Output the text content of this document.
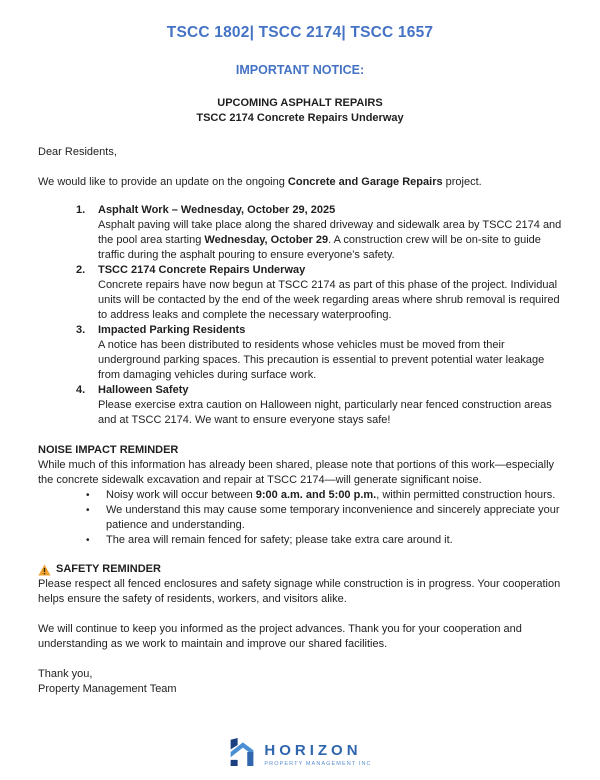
TSCC 1802| TSCC 2174| TSCC 1657
IMPORTANT NOTICE:
UPCOMING ASPHALT REPAIRS
TSCC 2174 Concrete Repairs Underway
Dear Residents,
We would like to provide an update on the ongoing Concrete and Garage Repairs project.
1.	Asphalt Work – Wednesday, October 29, 2025
Asphalt paving will take place along the shared driveway and sidewalk area by TSCC 2174 and the pool area starting Wednesday, October 29. A construction crew will be on-site to guide traffic during the asphalt pouring to ensure everyone’s safety.
2.	TSCC 2174 Concrete Repairs Underway
Concrete repairs have now begun at TSCC 2174 as part of this phase of the project. Individual units will be contacted by the end of the week regarding areas where shrub removal is required to address leaks and complete the necessary waterproofing.
3.	Impacted Parking Residents
A notice has been distributed to residents whose vehicles must be moved from their underground parking spaces. This precaution is essential to prevent potential water leakage from damaging vehicles during surface work.
4.	Halloween Safety
Please exercise extra caution on Halloween night, particularly near fenced construction areas and at TSCC 2174. We want to ensure everyone stays safe!
NOISE IMPACT REMINDER
While much of this information has already been shared, please note that portions of this work—especially the concrete sidewalk excavation and repair at TSCC 2174—will generate significant noise.
•	Noisy work will occur between 9:00 a.m. and 5:00 p.m., within permitted construction hours.
•	We understand this may cause some temporary inconvenience and sincerely appreciate your patience and understanding.
•	The area will remain fenced for safety; please take extra care around it.
SAFETY REMINDER
Please respect all fenced enclosures and safety signage while construction is in progress. Your cooperation helps ensure the safety of residents, workers, and visitors alike.
We will continue to keep you informed as the project advances. Thank you for your cooperation and understanding as we work to maintain and improve our shared facilities.
Thank you,
Property Management Team
HORIZON
PROPERTY MANAGEMENT INC
